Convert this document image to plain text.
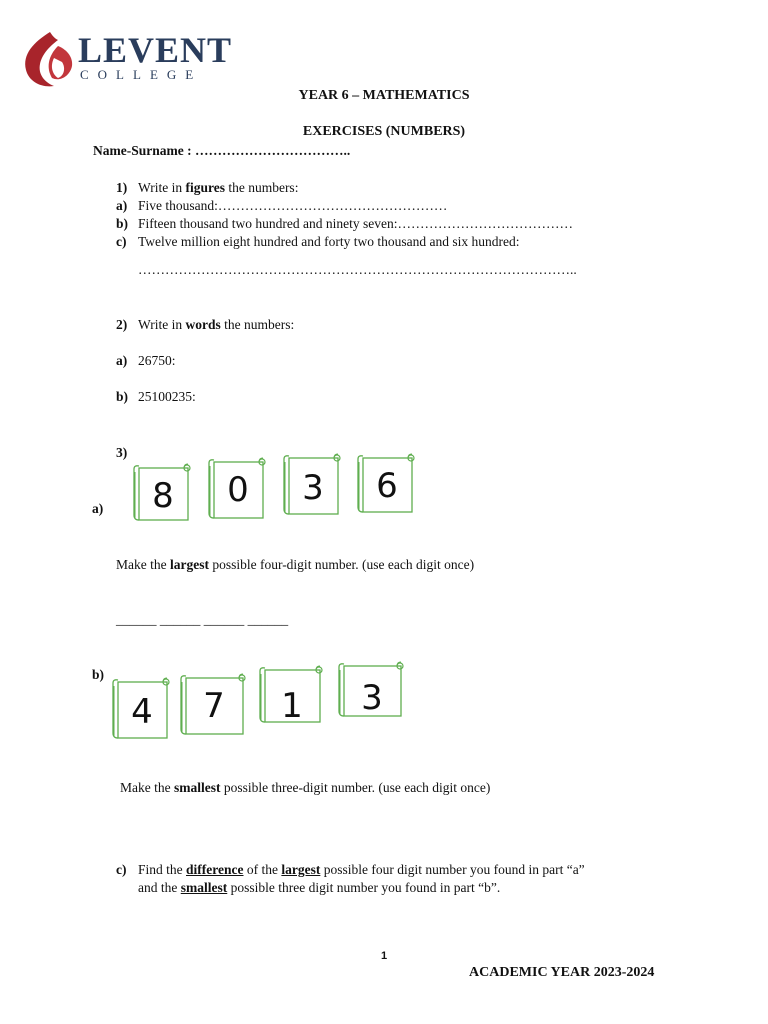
LEVENT
COLLEGE
YEAR 6 – MATHEMATICS
EXERCISES (NUMBERS)
Name-Surname : ……………………………..
1) Write in figures the numbers:
a) Five thousand:……………………………………………
b) Fifteen thousand two hundred and ninety seven:…………………………………
c) Twelve million eight hundred and forty two thousand and six hundred:
……………………………………………………………………………………..
2) Write in words the numbers:
a) 26750:
b) 25100235:
3)
a)	8	0	3	6
Make the largest possible four-digit number. (use each digit once)
______ ______ ______ ______
b)
4	7	1	3
Make the smallest possible three-digit number. (use each digit once)
c) Find the difference of the largest possible four digit number you found in part “a”
and the smallest possible three digit number you found in part “b”.
1
ACADEMIC YEAR 2023-2024
